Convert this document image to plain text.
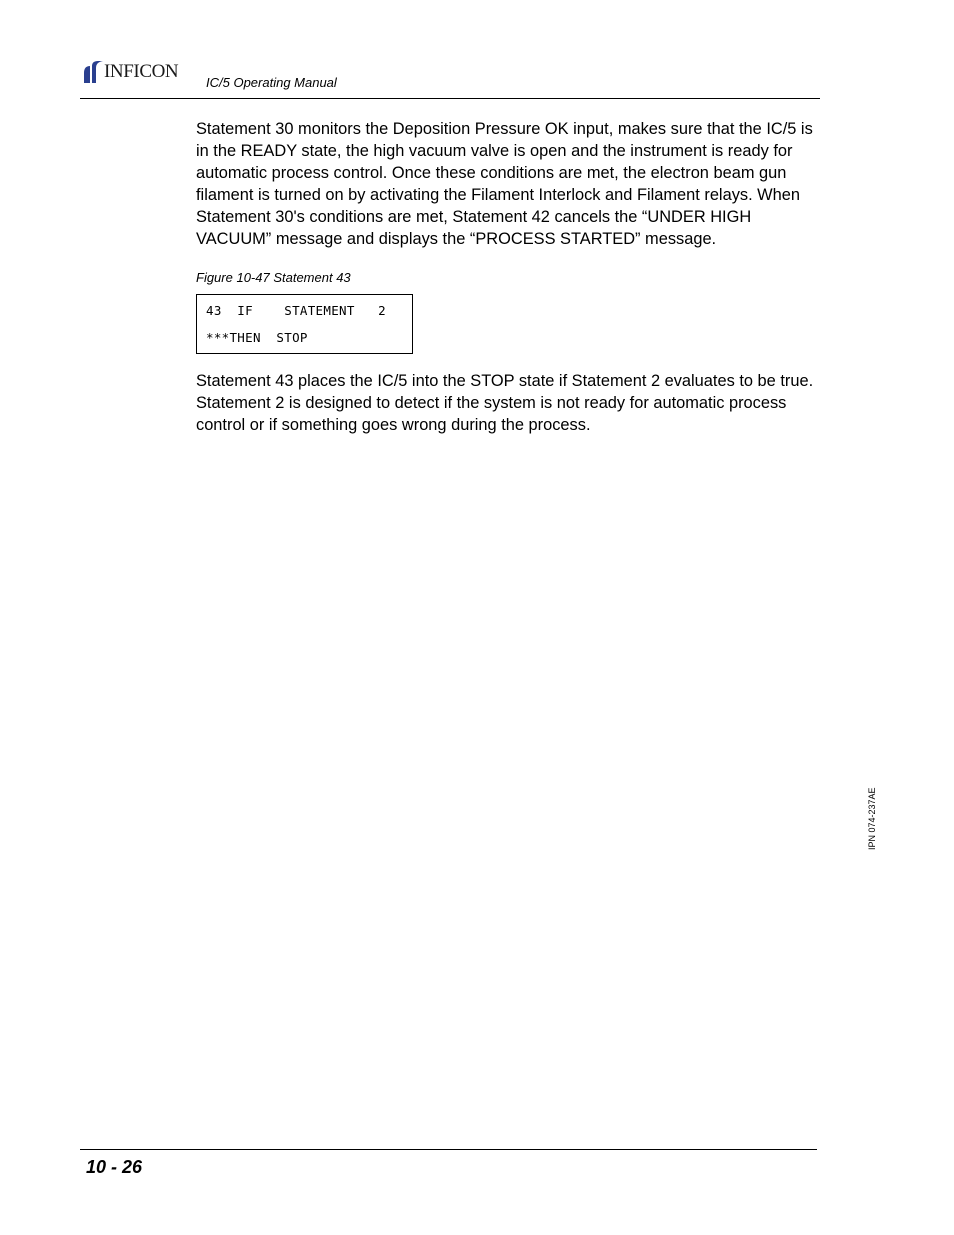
INFICON
IC/5 Operating Manual

Statement 30 monitors the Deposition Pressure OK input, makes sure that the IC/5 is in the READY state, the high vacuum valve is open and the instrument is ready for automatic process control. Once these conditions are met, the electron beam gun filament is turned on by activating the Filament Interlock and Filament relays. When Statement 30's conditions are met, Statement 42 cancels the “UNDER HIGH VACUUM” message and displays the “PROCESS STARTED” message.

Figure 10-47 Statement 43

43  IF    STATEMENT   2
***THEN  STOP

Statement 43 places the IC/5 into the STOP state if Statement 2 evaluates to be true. Statement 2 is designed to detect if the system is not ready for automatic process control or if something goes wrong during the process.

IPN 074-237AE
10 - 26
